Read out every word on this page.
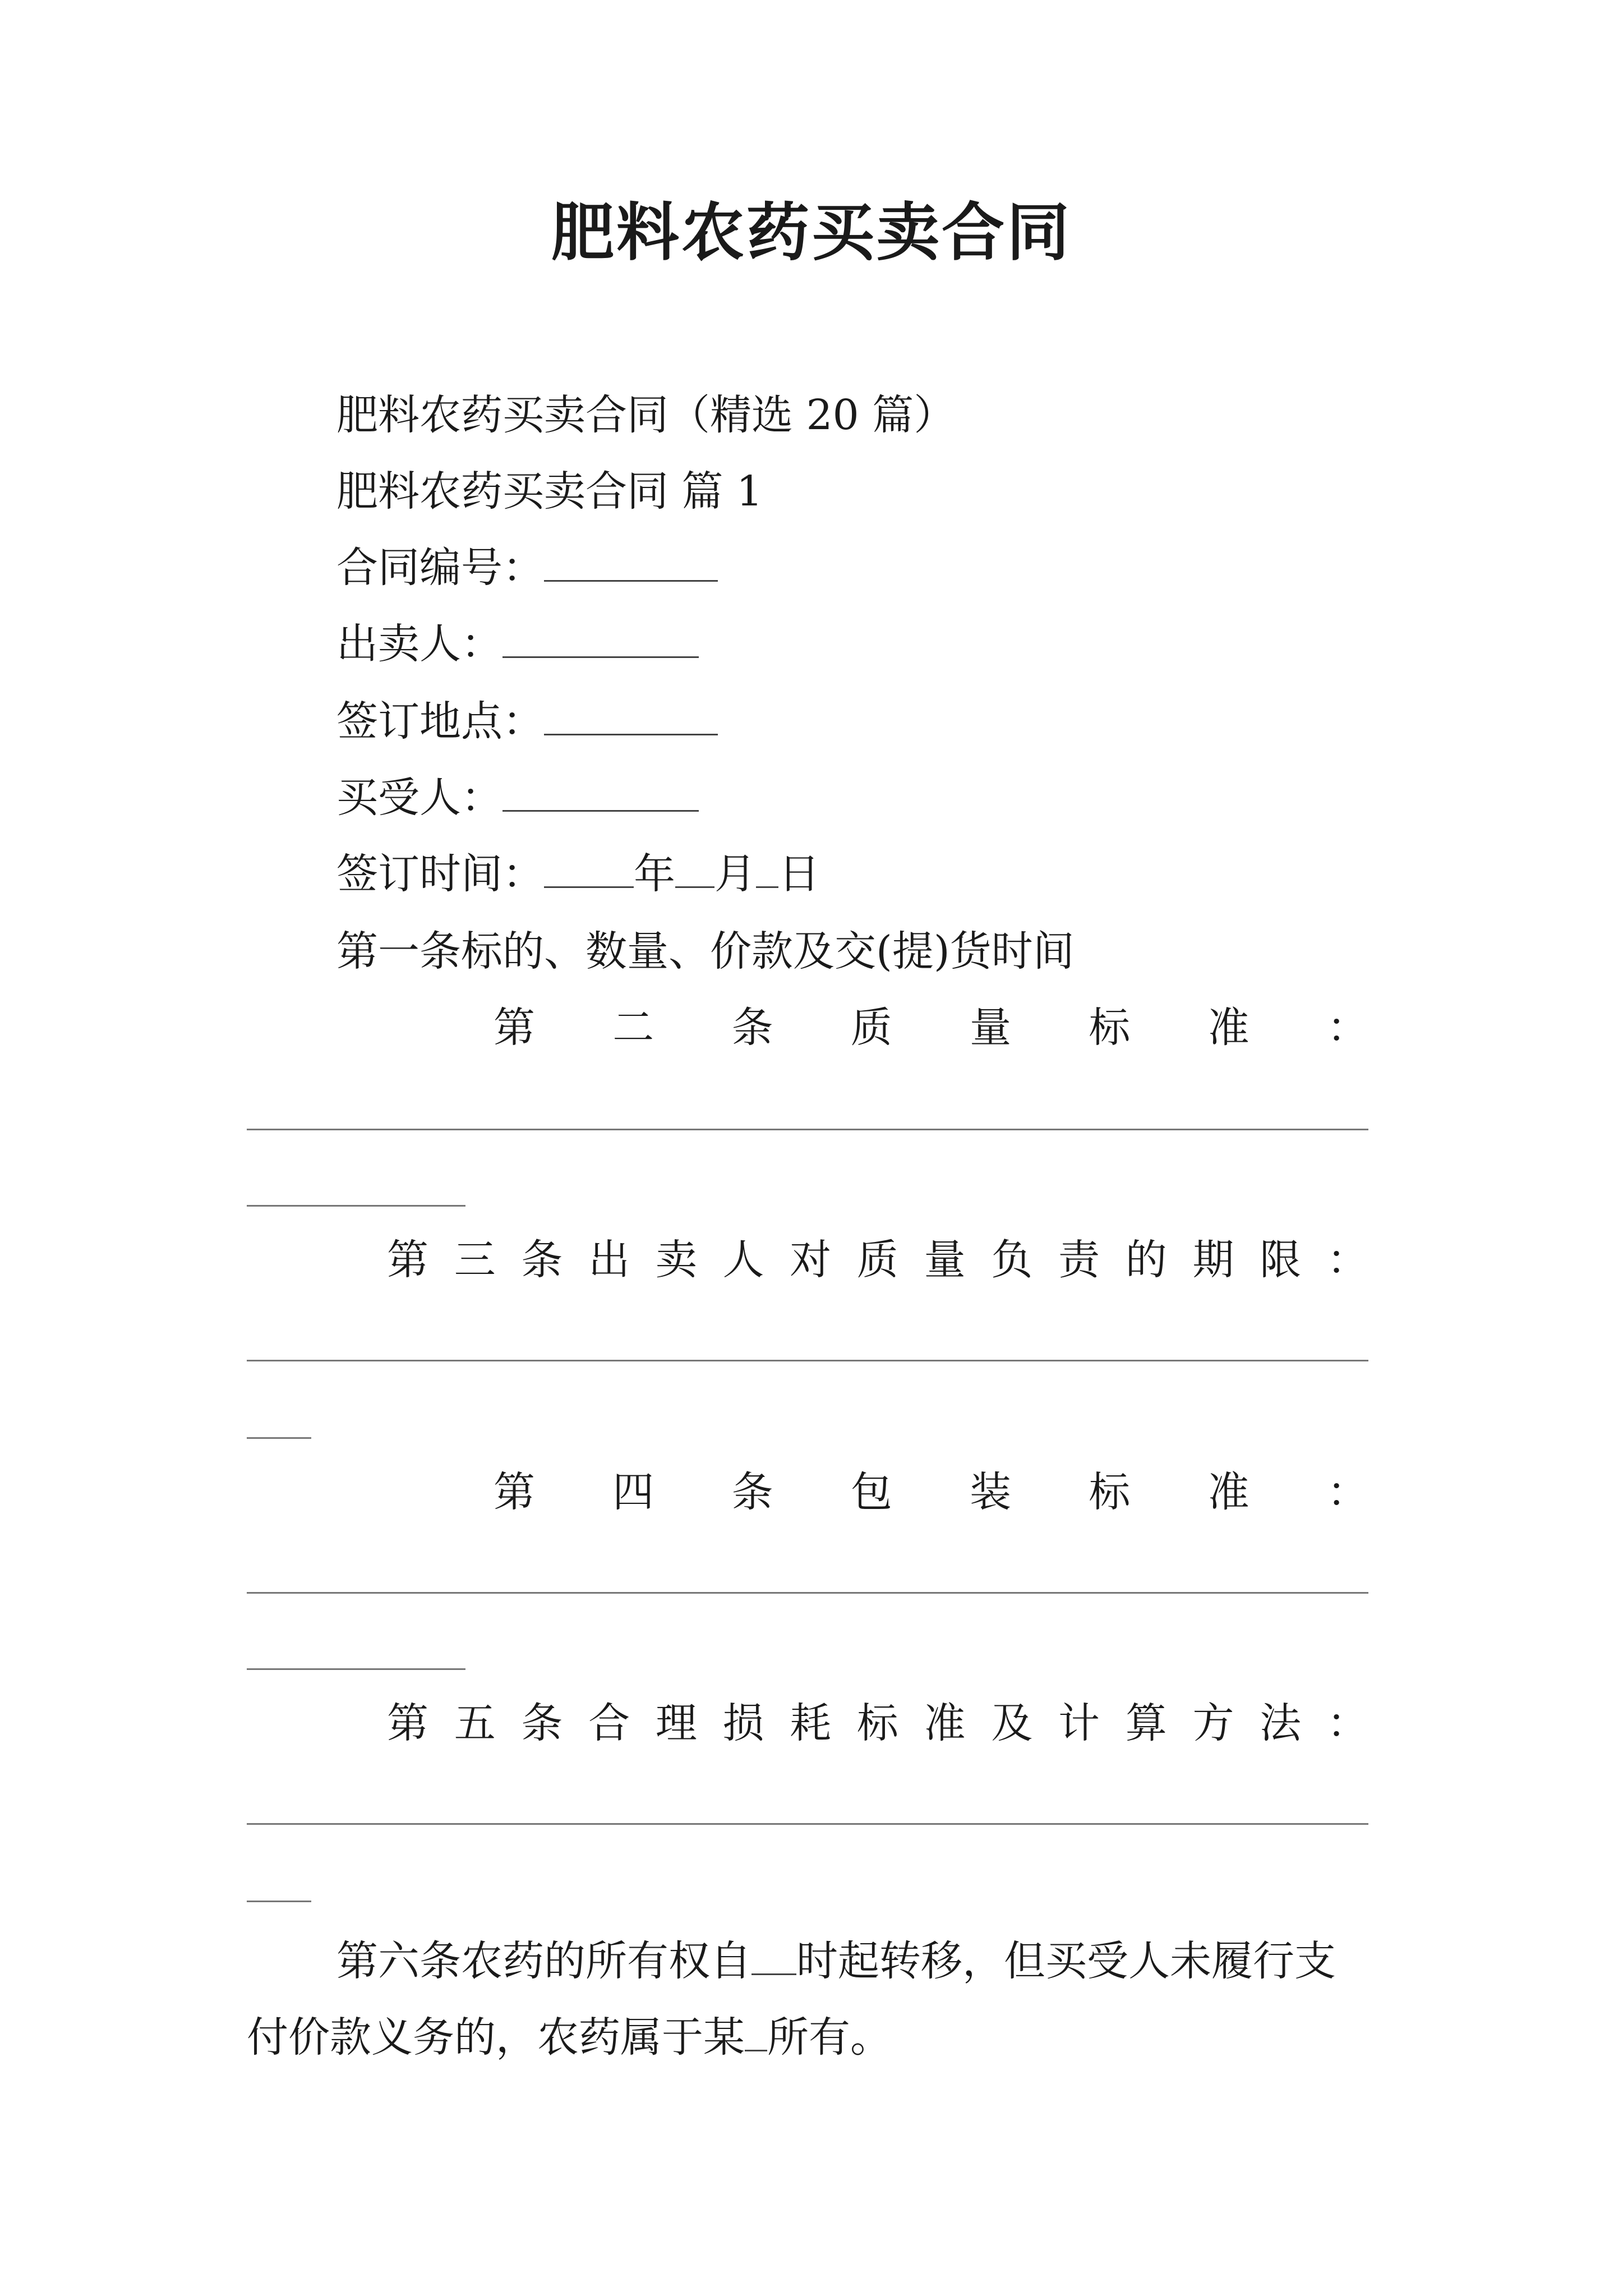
肥料农药买卖合同
肥料农药买卖合同（精选 20 篇）
肥料农药买卖合同 篇 1
合同编号：
出卖人：
签订地点：
买受人：
签订时间： 年 月 日
第一条标的、数量、价款及交(提)货时间
第 二 条 质 量 标 准 ：
第 三 条 出 卖 人 对 质 量 负 责 的 期 限 ：
第 四 条 包 装 标 准 ：
第 五 条 合 理 损 耗 标 准 及 计 算 方 法 ：
第六条农药的所有权自 时起转移，但买受人未履行支
付价款义务的，农药属于某 所有。
